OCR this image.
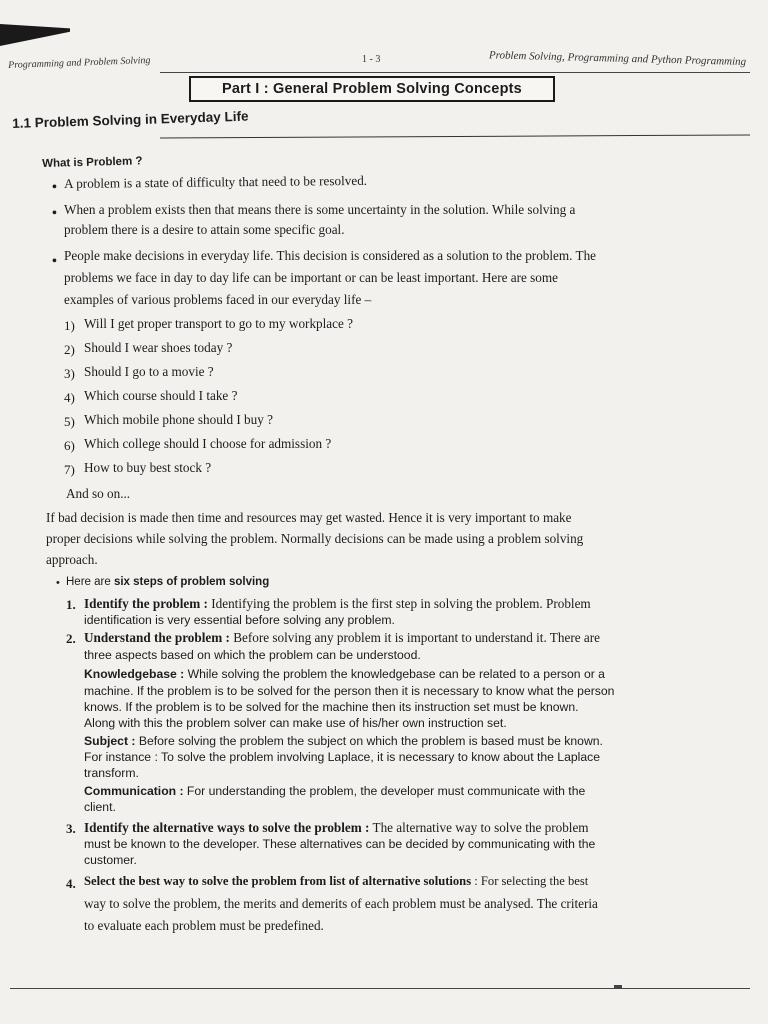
Programming and Problem Solving	1 - 3	Problem Solving, Programming and Python Programming
Part I : General Problem Solving Concepts
1.1 Problem Solving in Everyday Life
What is Problem ?
• A problem is a state of difficulty that need to be resolved.
• When a problem exists then that means there is some uncertainty in the solution. While solving a
problem there is a desire to attain some specific goal.
• People make decisions in everyday life. This decision is considered as a solution to the problem. The
problems we face in day to day life can be important or can be least important. Here are some
examples of various problems faced in our everyday life –
1) Will I get proper transport to go to my workplace ?
2) Should I wear shoes today ?
3) Should I go to a movie ?
4) Which course should I take ?
5) Which mobile phone should I buy ?
6) Which college should I choose for admission ?
7) How to buy best stock ?
And so on...
If bad decision is made then time and resources may get wasted. Hence it is very important to make
proper decisions while solving the problem. Normally decisions can be made using a problem solving
approach.
• Here are six steps of problem solving
1. Identify the problem : Identifying the problem is the first step in solving the problem. Problem
identification is very essential before solving any problem.
2. Understand the problem : Before solving any problem it is important to understand it. There are
three aspects based on which the problem can be understood.
Knowledgebase : While solving the problem the knowledgebase can be related to a person or a
machine. If the problem is to be solved for the person then it is necessary to know what the person
knows. If the problem is to be solved for the machine then its instruction set must be known.
Along with this the problem solver can make use of his/her own instruction set.
Subject : Before solving the problem the subject on which the problem is based must be known.
For instance : To solve the problem involving Laplace, it is necessary to know about the Laplace
transform.
Communication : For understanding the problem, the developer must communicate with the
client.
3. Identify the alternative ways to solve the problem : The alternative way to solve the problem
must be known to the developer. These alternatives can be decided by communicating with the
customer.
4. Select the best way to solve the problem from list of alternative solutions : For selecting the best
way to solve the problem, the merits and demerits of each problem must be analysed. The criteria
to evaluate each problem must be predefined.
